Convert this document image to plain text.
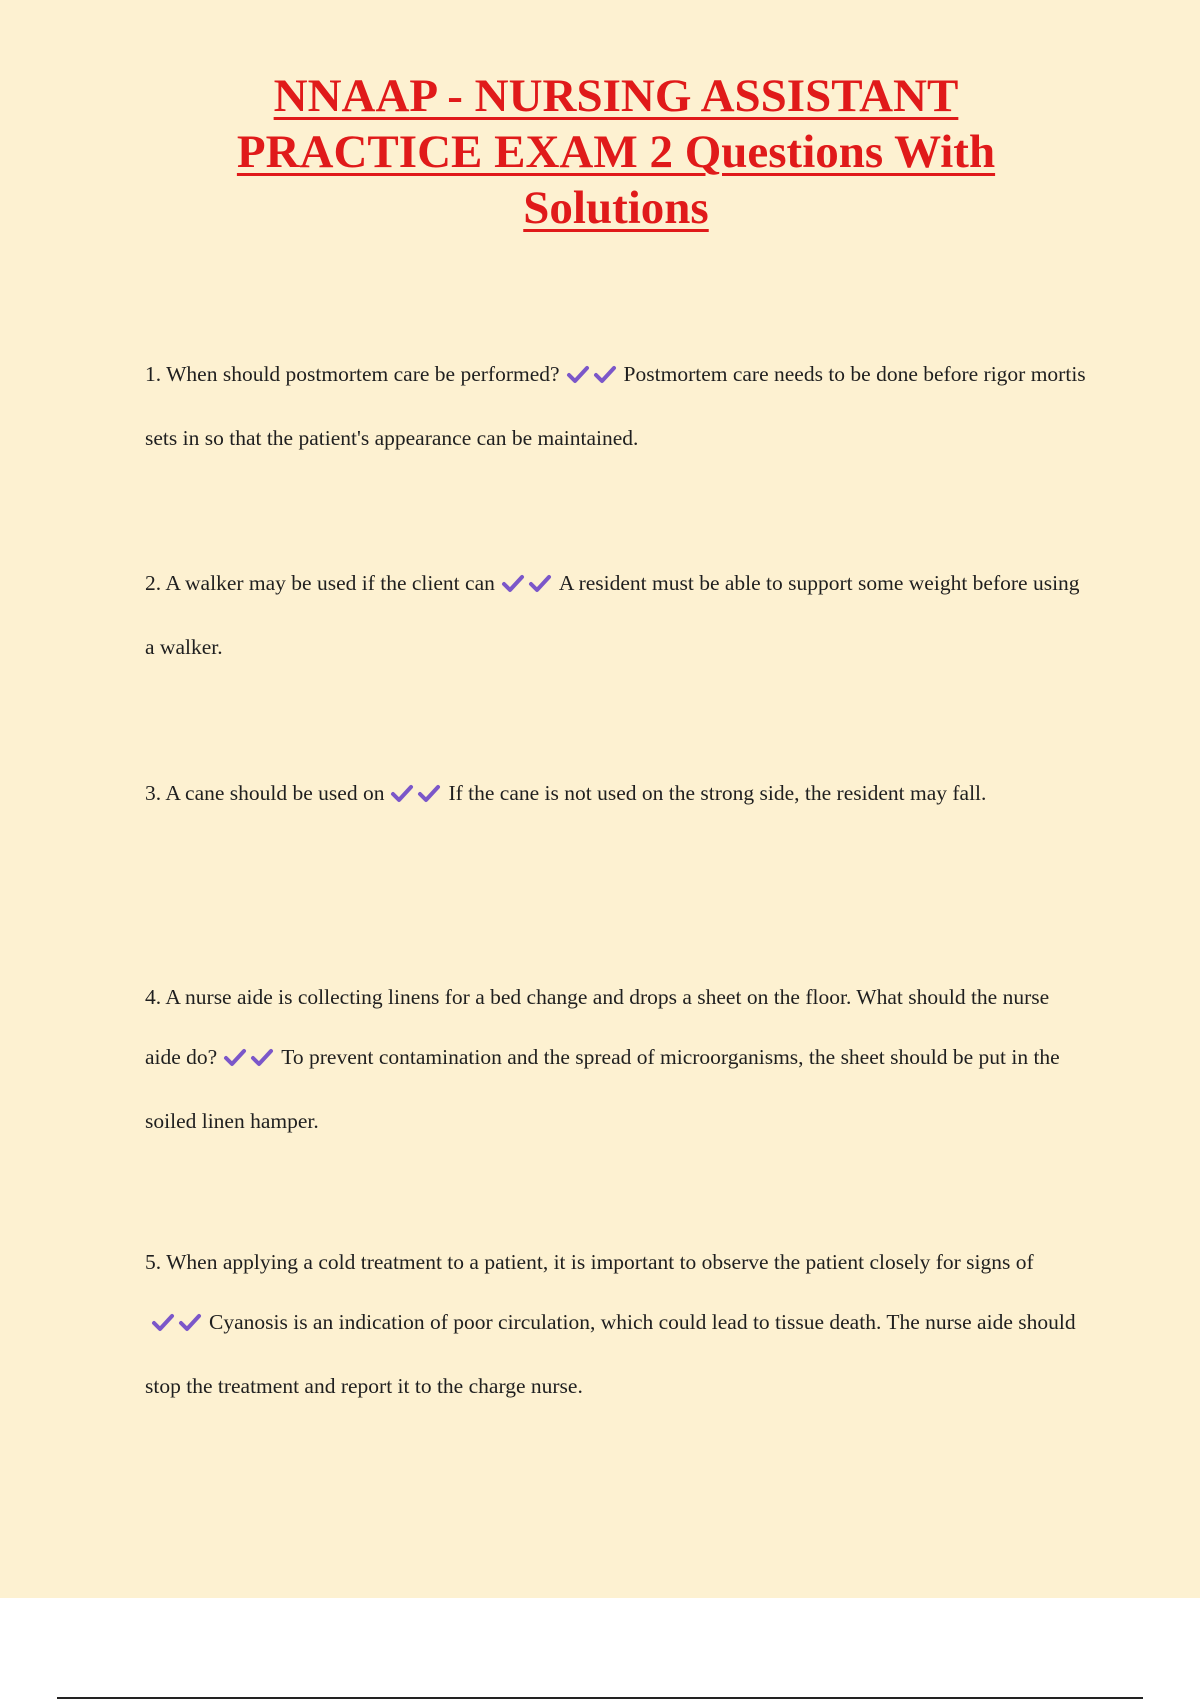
NNAAP - NURSING ASSISTANT PRACTICE EXAM 2 Questions With Solutions

1. When should postmortem care be performed?	Postmortem care needs to be done before rigor mortis sets in so that the patient's appearance can be maintained.

2. A walker may be used if the client can	A resident must be able to support some weight before using a walker.

3. A cane should be used on	If the cane is not used on the strong side, the resident may fall.

4. A nurse aide is collecting linens for a bed change and drops a sheet on the floor. What should the nurse aide do?	To prevent contamination and the spread of microorganisms, the sheet should be put in the soiled linen hamper.

5. When applying a cold treatment to a patient, it is important to observe the patient closely for signs ofCyanosis is an indication of poor circulation, which could lead to tissue death. The nurse aide should stop the treatment and report it to the charge nurse.
